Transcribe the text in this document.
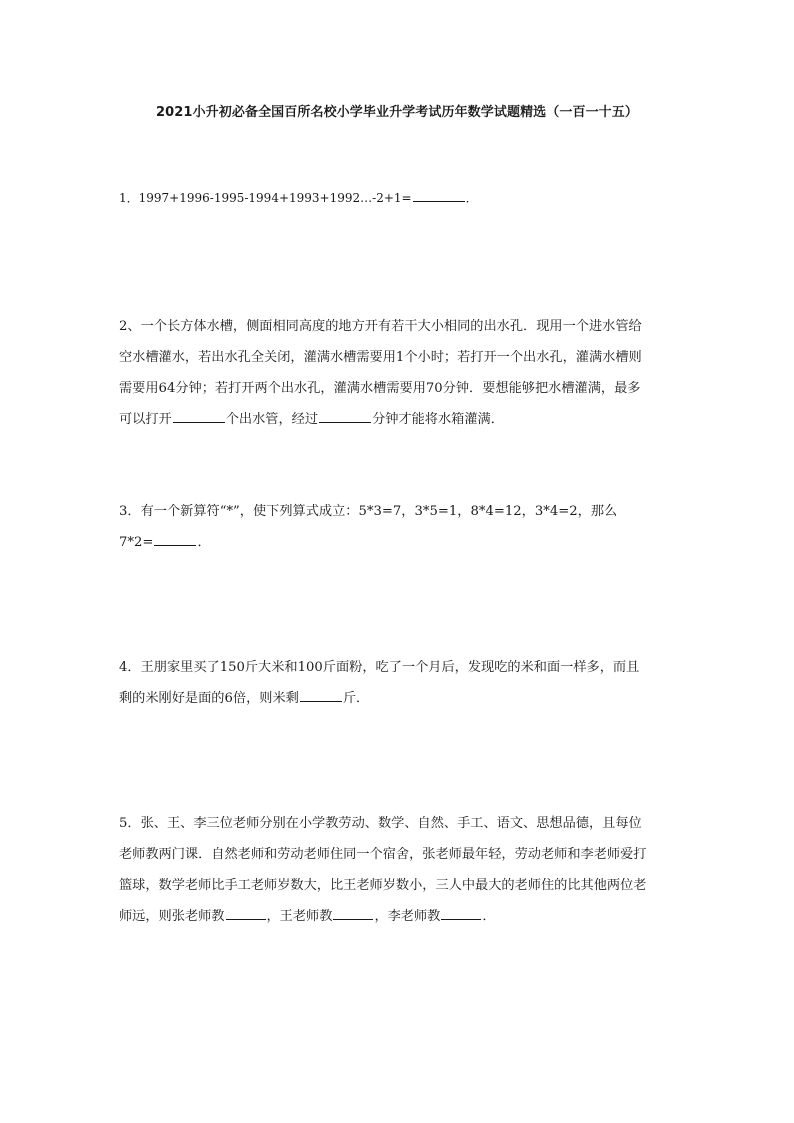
2021小升初必备全国百所名校小学毕业升学考试历年数学试题精选（一百一十五）
1．1997+1996-1995-1994+1993+1992…-2+1=	．
2、一个长方体水槽，侧面相同高度的地方开有若干大小相同的出水孔．现用一个进水管给
空水槽灌水，若出水孔全关闭，灌满水槽需要用1个小时；若打开一个出水孔，灌满水槽则
需要用64分钟；若打开两个出水孔，灌满水槽需要用70分钟．要想能够把水槽灌满，最多
可以打开	个出水管，经过	分钟才能将水箱灌满．
3．有一个新算符“*”，使下列算式成立：5*3=7，3*5=1，8*4=12，3*4=2，那么
7*2=	．
4．王朋家里买了150斤大米和100斤面粉，吃了一个月后，发现吃的米和面一样多，而且
剩的米刚好是面的6倍，则米剩	斤．
5．张、王、李三位老师分别在小学教劳动、数学、自然、手工、语文、思想品德，且每位
老师教两门课．自然老师和劳动老师住同一个宿舍，张老师最年轻，劳动老师和李老师爱打
篮球，数学老师比手工老师岁数大，比王老师岁数小，三人中最大的老师住的比其他两位老
师远，则张老师教	，王老师教	，李老师教	．
